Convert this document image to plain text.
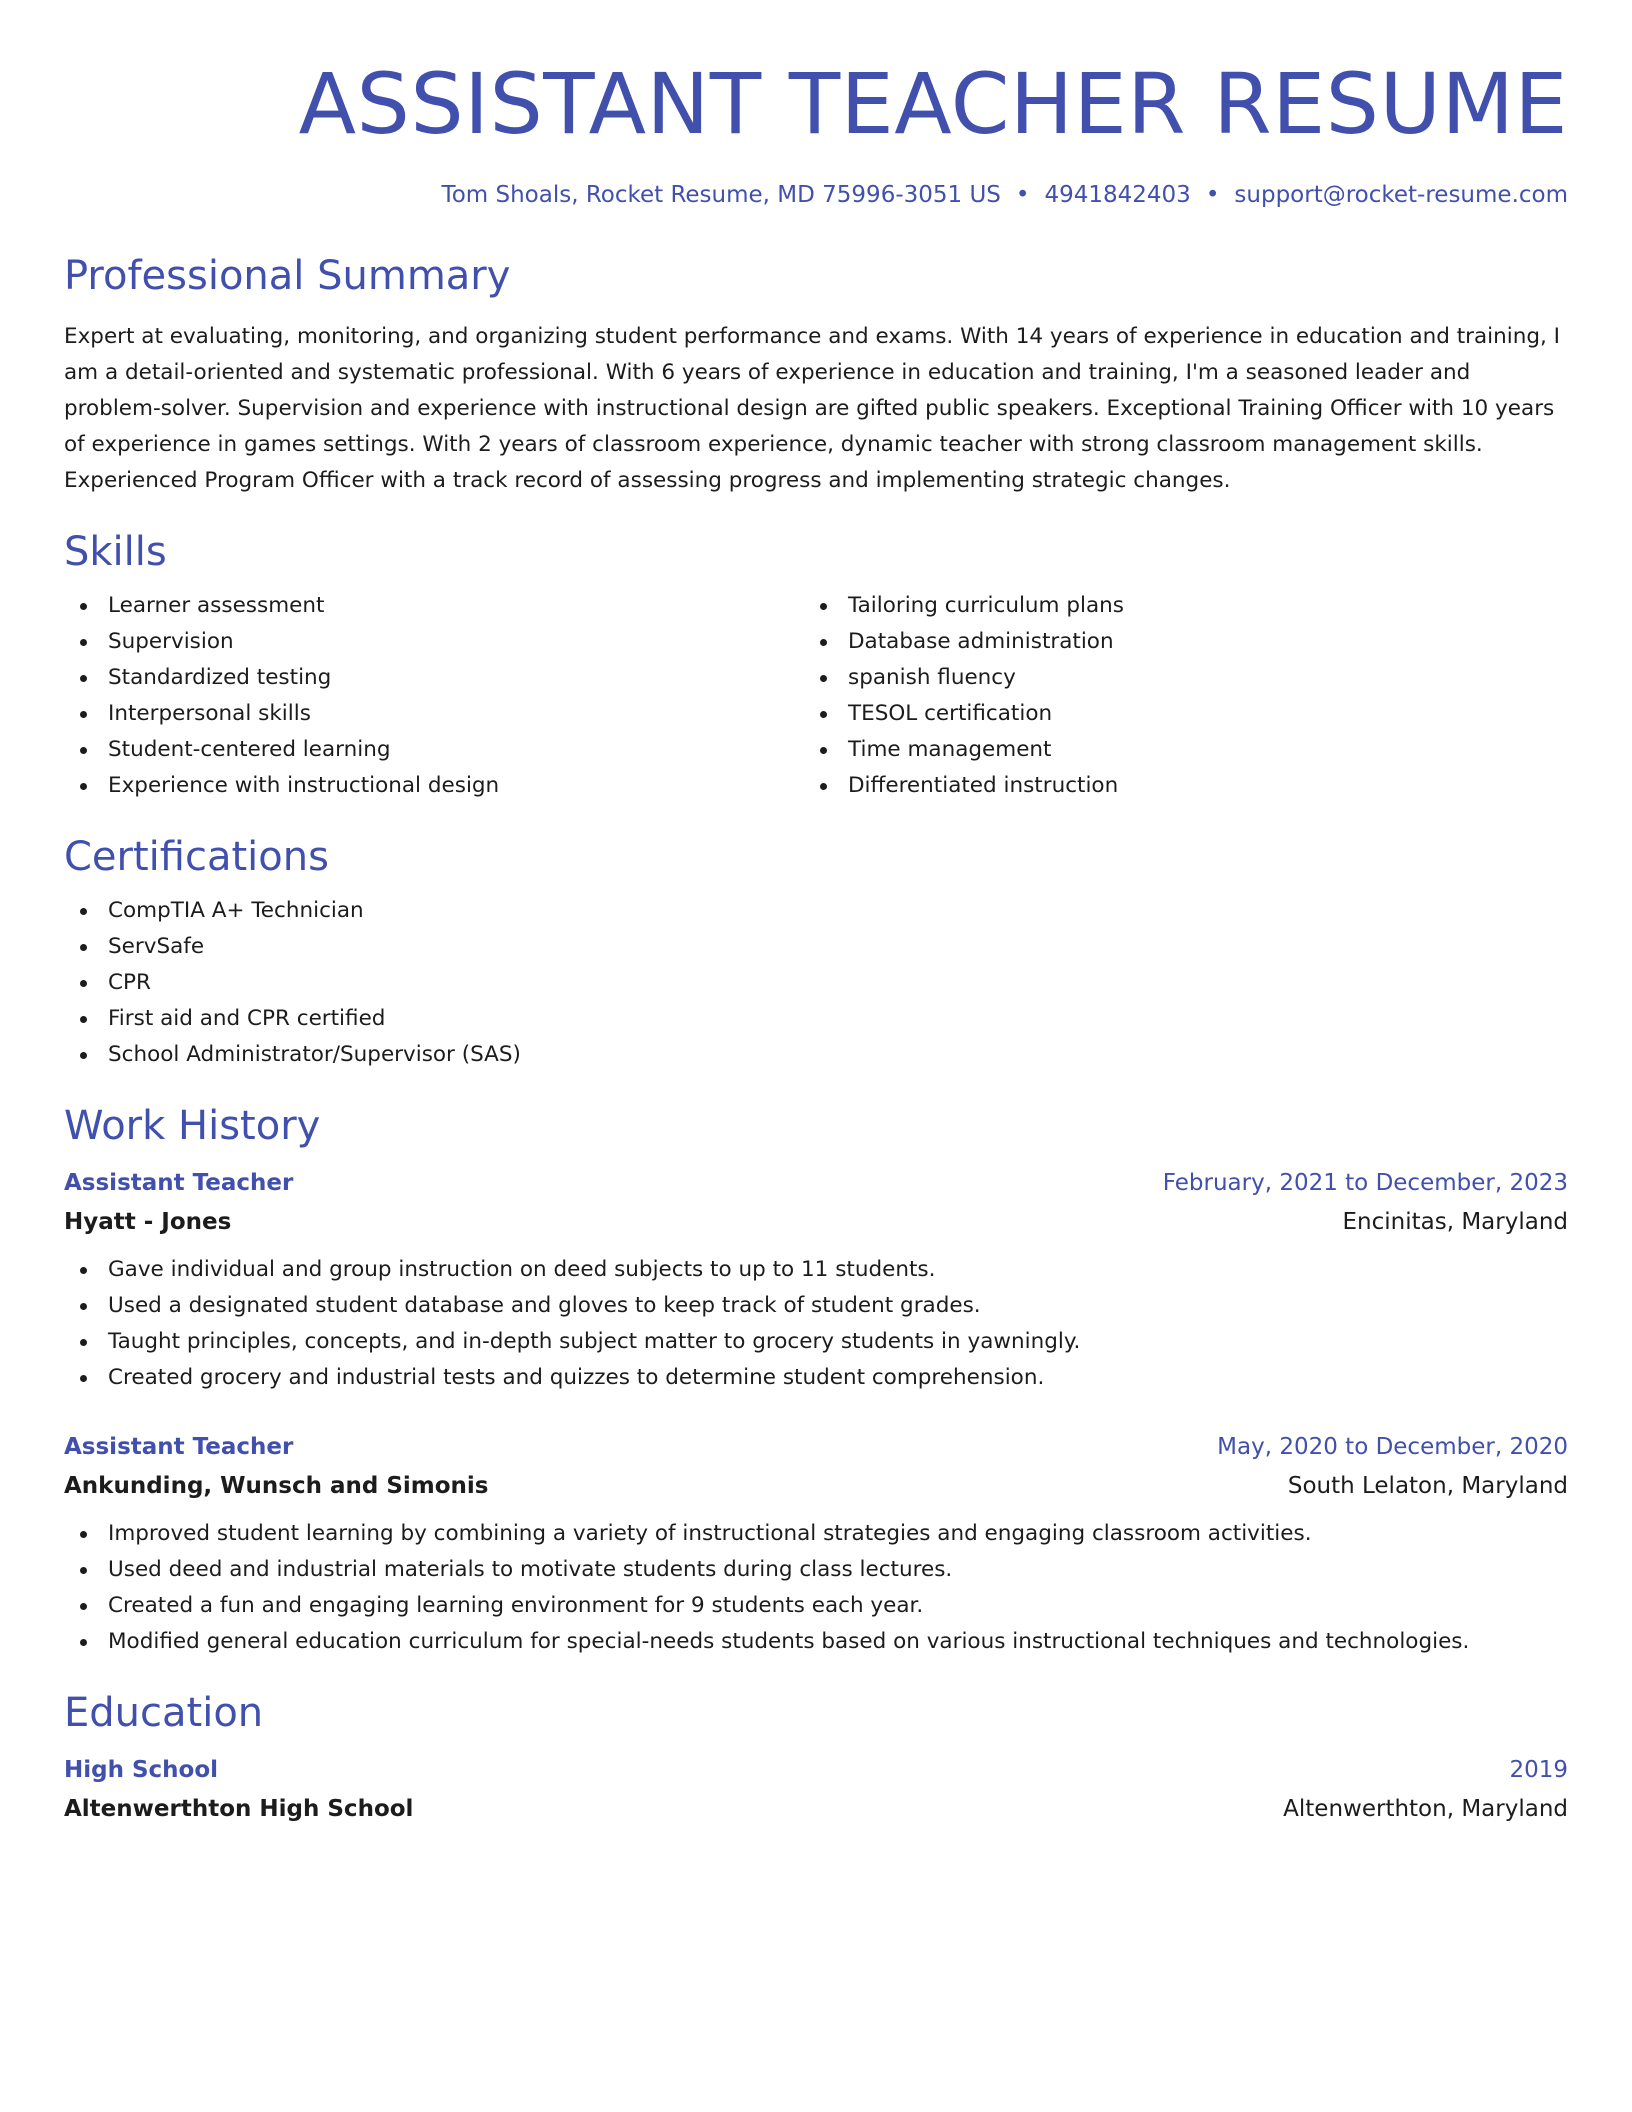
ASSISTANT TEACHER RESUME
Tom Shoals, Rocket Resume, MD 75996-3051 US • 4941842403 • support@rocket-resume.com
Professional Summary

Expert at evaluating, monitoring, and organizing student performance and exams. With 14 years of experience in education and training, I am a detail-oriented and systematic professional. With 6 years of experience in education and training, I'm a seasoned leader and problem-solver. Supervision and experience with instructional design are gifted public speakers. Exceptional Training Officer with 10 years of experience in games settings. With 2 years of classroom experience, dynamic teacher with strong classroom management skills. Experienced Program Officer with a track record of assessing progress and implementing strategic changes.

Skills
Learner assessment
Supervision
Standardized testing
Interpersonal skills
Student-centered learning
Experience with instructional design
Tailoring curriculum plans
Database administration
spanish fluency
TESOL certification
Time management
Differentiated instruction
Certifications
CompTIA A+ Technician
ServSafe
CPR
First aid and CPR certified
School Administrator/Supervisor (SAS)
Work History
Assistant Teacher	February, 2021 to December, 2023
Hyatt - Jones	Encinitas, Maryland
Gave individual and group instruction on deed subjects to up to 11 students.
Used a designated student database and gloves to keep track of student grades.
Taught principles, concepts, and in-depth subject matter to grocery students in yawningly.
Created grocery and industrial tests and quizzes to determine student comprehension.
Assistant Teacher	May, 2020 to December, 2020
Ankunding, Wunsch and Simonis	South Lelaton, Maryland
Improved student learning by combining a variety of instructional strategies and engaging classroom activities.
Used deed and industrial materials to motivate students during class lectures.
Created a fun and engaging learning environment for 9 students each year.
Modified general education curriculum for special-needs students based on various instructional techniques and technologies.
Education
High School	2019
Altenwerthton High School	Altenwerthton, Maryland
